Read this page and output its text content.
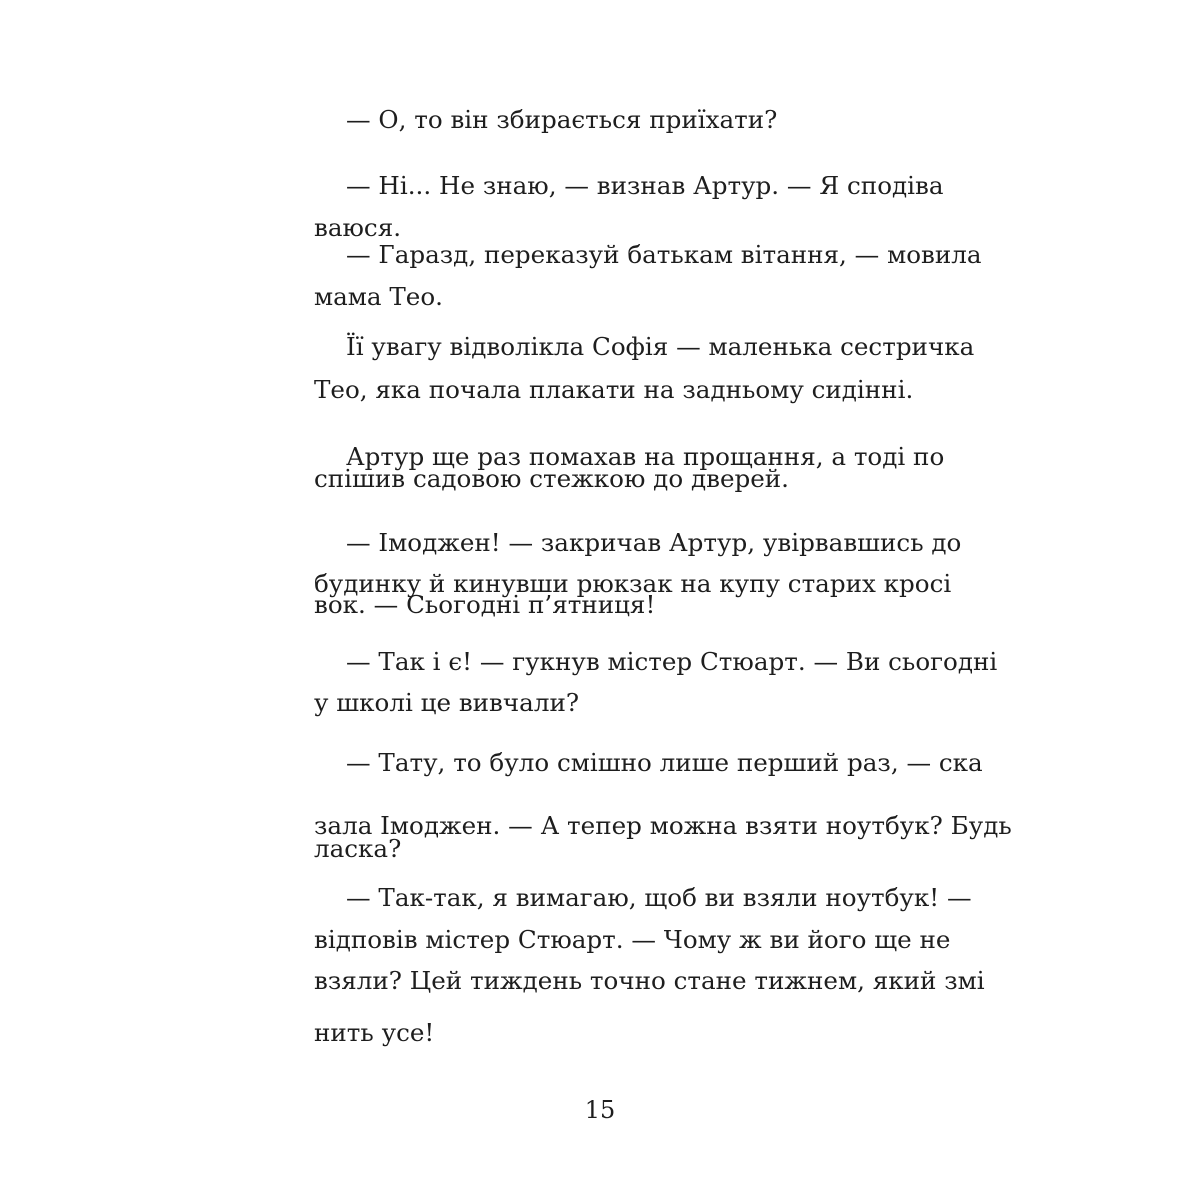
— О, то він збирається приїхати?
— Ні... Не знаю, — визнав Артур. — Я сподіва
ваюся.
— Гаразд, переказуй батькам вітання, — мовила
мама Тео.
Її увагу відволікла Софія — маленька сестричка
Тео, яка почала плакати на задньому сидінні.
Артур ще раз помахав на прощання, а тоді по
спішив садовою стежкою до дверей.
— Імоджен! — закричав Артур, увірвавшись до
будинку й кинувши рюкзак на купу старих кросі
вок. — Сьогодні п’ятниця!
— Так і є! — гукнув містер Стюарт. — Ви сьогодні
у школі це вивчали?
— Тату, то було смішно лише перший раз, — ска
зала Імоджен. — А тепер можна взяти ноутбук? Будь
ласка?
— Так-так, я вимагаю, щоб ви взяли ноутбук! —
відповів містер Стюарт. — Чому ж ви його ще не
взяли? Цей тиждень точно стане тижнем, який змі
нить усе!
15
